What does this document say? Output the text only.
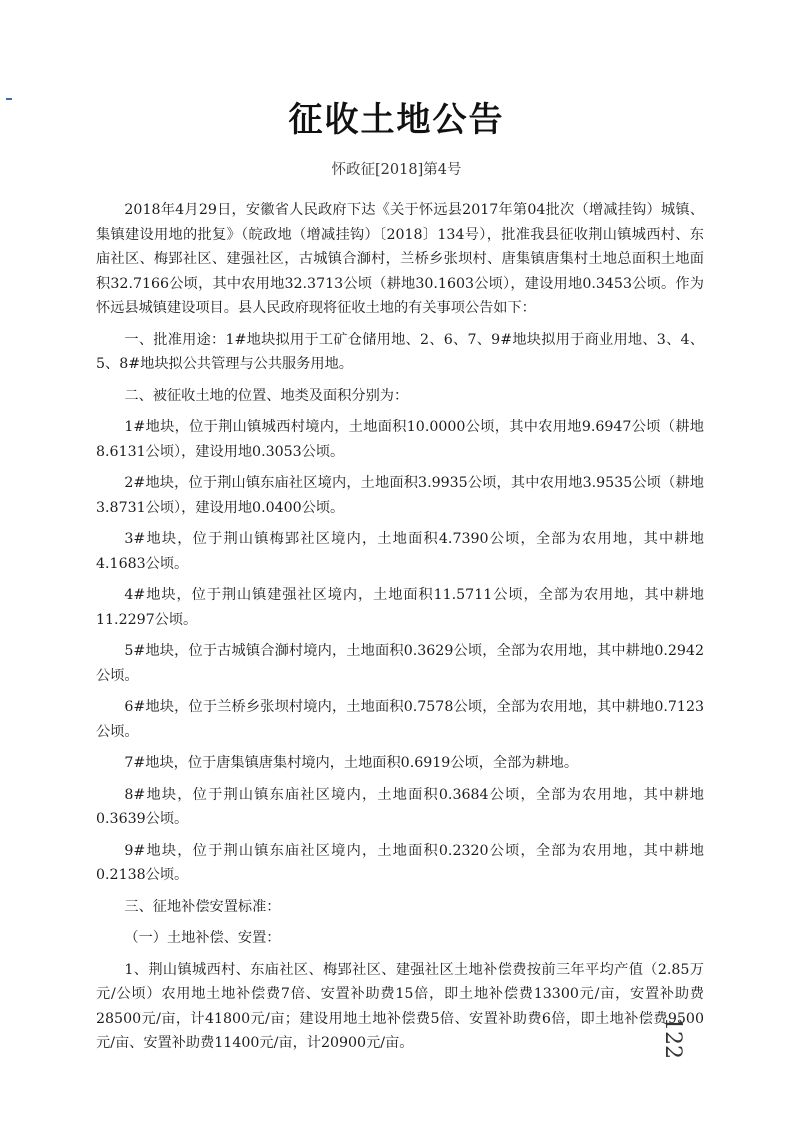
征收土地公告
怀政征[2018]第4号

2018年4月29日，安徽省人民政府下达《关于怀远县2017年第04批次（增减挂钩）城镇、集镇建设用地的批复》（皖政地（增减挂钩）〔2018〕134号），批准我县征收荆山镇城西村、东庙社区、梅郢社区、建强社区，古城镇合溮村，兰桥乡张坝村、唐集镇唐集村土地总面积土地面积32.7166公顷，其中农用地32.3713公顷（耕地30.1603公顷），建设用地0.3453公顷。作为怀远县城镇建设项目。县人民政府现将征收土地的有关事项公告如下：

一、批准用途：1#地块拟用于工矿仓储用地、2、6、7、9#地块拟用于商业用地、3、4、5、8#地块拟公共管理与公共服务用地。

二、被征收土地的位置、地类及面积分别为：

1#地块，位于荆山镇城西村境内，土地面积10.0000公顷，其中农用地9.6947公顷（耕地8.6131公顷），建设用地0.3053公顷。

2#地块，位于荆山镇东庙社区境内，土地面积3.9935公顷，其中农用地3.9535公顷（耕地3.8731公顷），建设用地0.0400公顷。

3#地块，位于荆山镇梅郢社区境内，土地面积4.7390公顷，全部为农用地，其中耕地4.1683公顷。

4#地块，位于荆山镇建强社区境内，土地面积11.5711公顷，全部为农用地，其中耕地11.2297公顷。

5#地块，位于古城镇合溮村境内，土地面积0.3629公顷，全部为农用地，其中耕地0.2942公顷。

6#地块，位于兰桥乡张坝村境内，土地面积0.7578公顷，全部为农用地，其中耕地0.7123公顷。

7#地块，位于唐集镇唐集村境内，土地面积0.6919公顷，全部为耕地。

8#地块，位于荆山镇东庙社区境内，土地面积0.3684公顷，全部为农用地，其中耕地0.3639公顷。

9#地块，位于荆山镇东庙社区境内，土地面积0.2320公顷，全部为农用地，其中耕地0.2138公顷。

三、征地补偿安置标准：

（一）土地补偿、安置：

1、荆山镇城西村、东庙社区、梅郢社区、建强社区土地补偿费按前三年平均产值（2.85万元/公顷）农用地土地补偿费7倍、安置补助费15倍，即土地补偿费13300元/亩，安置补助费28500元/亩，计41800元/亩；建设用地土地补偿费5倍、安置补助费6倍，即土地补偿费9500元/亩、安置补助费11400元/亩，计20900元/亩。	122
